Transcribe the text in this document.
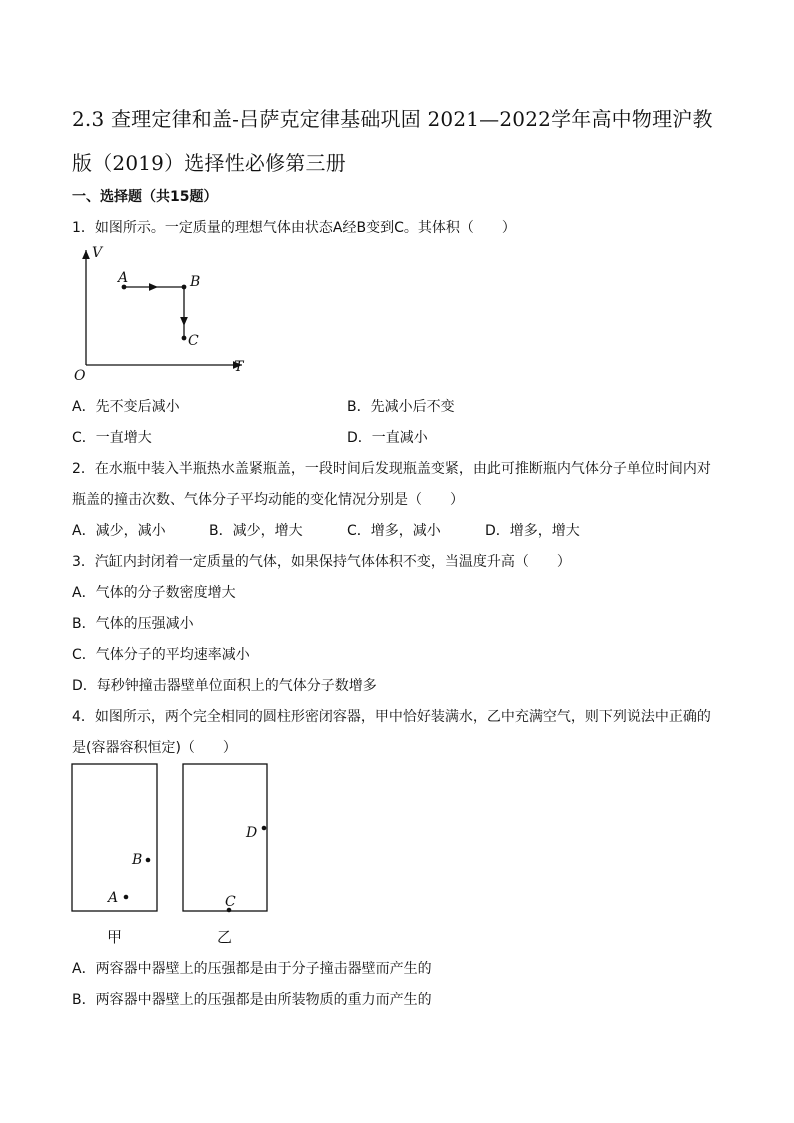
2.3 查理定律和盖-吕萨克定律基础巩固 2021—2022学年高中物理沪教
版（2019）选择性必修第三册
一、选择题（共15题）
1．如图所示。一定质量的理想气体由状态A经B变到C。其体积（　　）
V
T
O
A	B
C
A．先不变后减小	B．先减小后不变
C．一直增大	D．一直减小
2．在水瓶中装入半瓶热水盖紧瓶盖，一段时间后发现瓶盖变紧，由此可推断瓶内气体分子单位时间内对
瓶盖的撞击次数、气体分子平均动能的变化情况分别是（　　）
A．减少，减小	B．减少，增大	C．增多，减小	D．增多，增大
3．汽缸内封闭着一定质量的气体，如果保持气体体积不变，当温度升高（　　）
A．气体的分子数密度增大
B．气体的压强减小
C．气体分子的平均速率减小
D．每秒钟撞击器壁单位面积上的气体分子数增多
4．如图所示，两个完全相同的圆柱形密闭容器，甲中恰好装满水，乙中充满空气，则下列说法中正确的
是(容器容积恒定)（　　）
B
A	C
D
甲	乙
A．两容器中器壁上的压强都是由于分子撞击器壁而产生的
B．两容器中器壁上的压强都是由所装物质的重力而产生的
